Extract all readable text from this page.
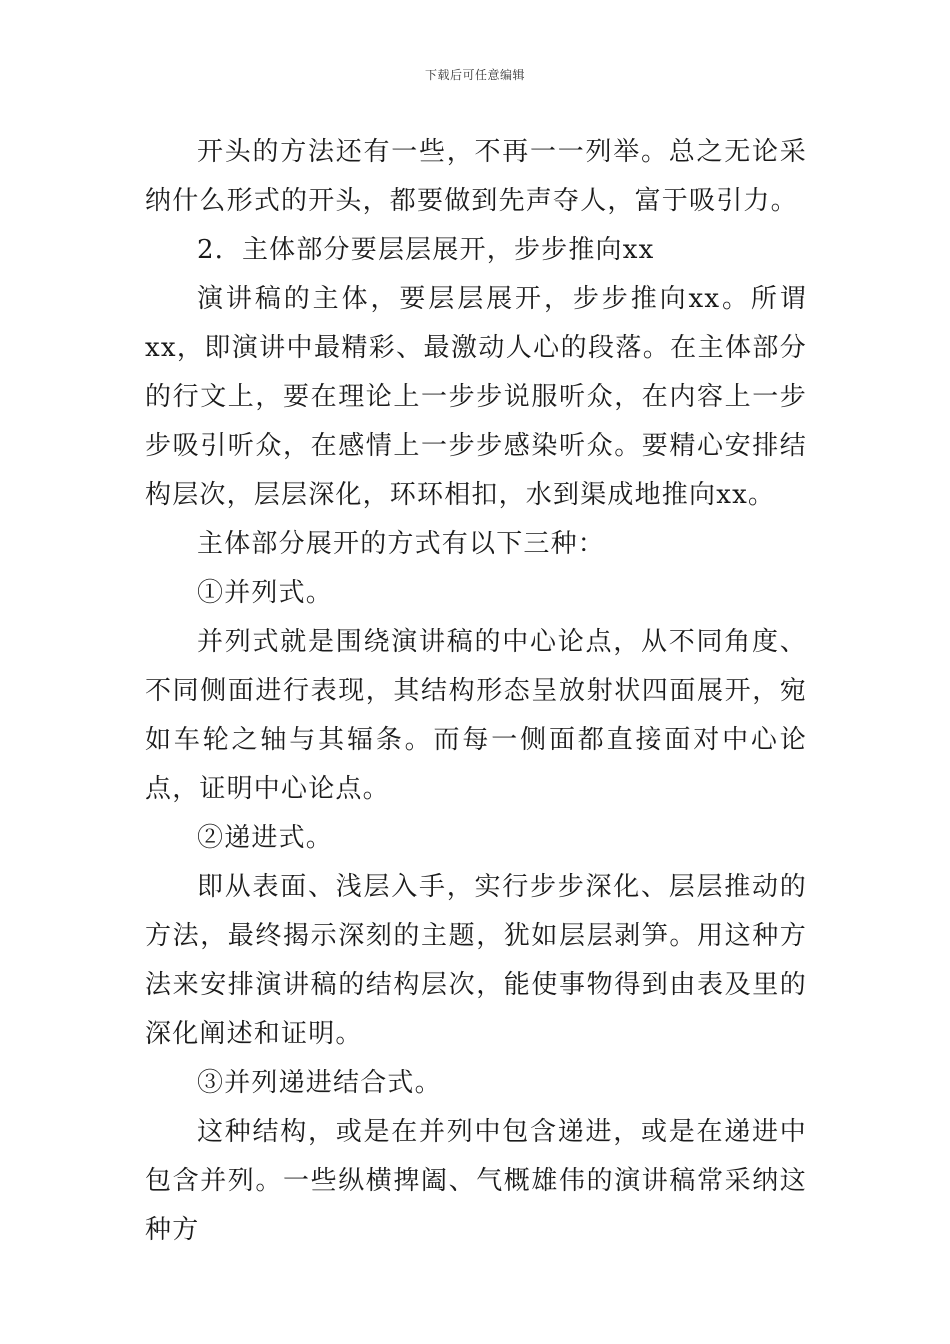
下载后可任意编辑

开头的方法还有一些，不再一一列举。总之无论采纳什么形式的开头，都要做到先声夺人，富于吸引力。

2．主体部分要层层展开，步步推向xx

演讲稿的主体，要层层展开，步步推向xx。所谓xx，即演讲中最精彩、最激动人心的段落。在主体部分的行文上，要在理论上一步步说服听众，在内容上一步步吸引听众，在感情上一步步感染听众。要精心安排结构层次，层层深化，环环相扣，水到渠成地推向xx。

主体部分展开的方式有以下三种：

①并列式。

并列式就是围绕演讲稿的中心论点，从不同角度、不同侧面进行表现，其结构形态呈放射状四面展开，宛如车轮之轴与其辐条。而每一侧面都直接面对中心论点，证明中心论点。

②递进式。

即从表面、浅层入手，实行步步深化、层层推动的方法，最终揭示深刻的主题，犹如层层剥笋。用这种方法来安排演讲稿的结构层次，能使事物得到由表及里的深化阐述和证明。

③并列递进结合式。

这种结构，或是在并列中包含递进，或是在递进中包含并列。一些纵横捭阖、气概雄伟的演讲稿常采纳这种方
